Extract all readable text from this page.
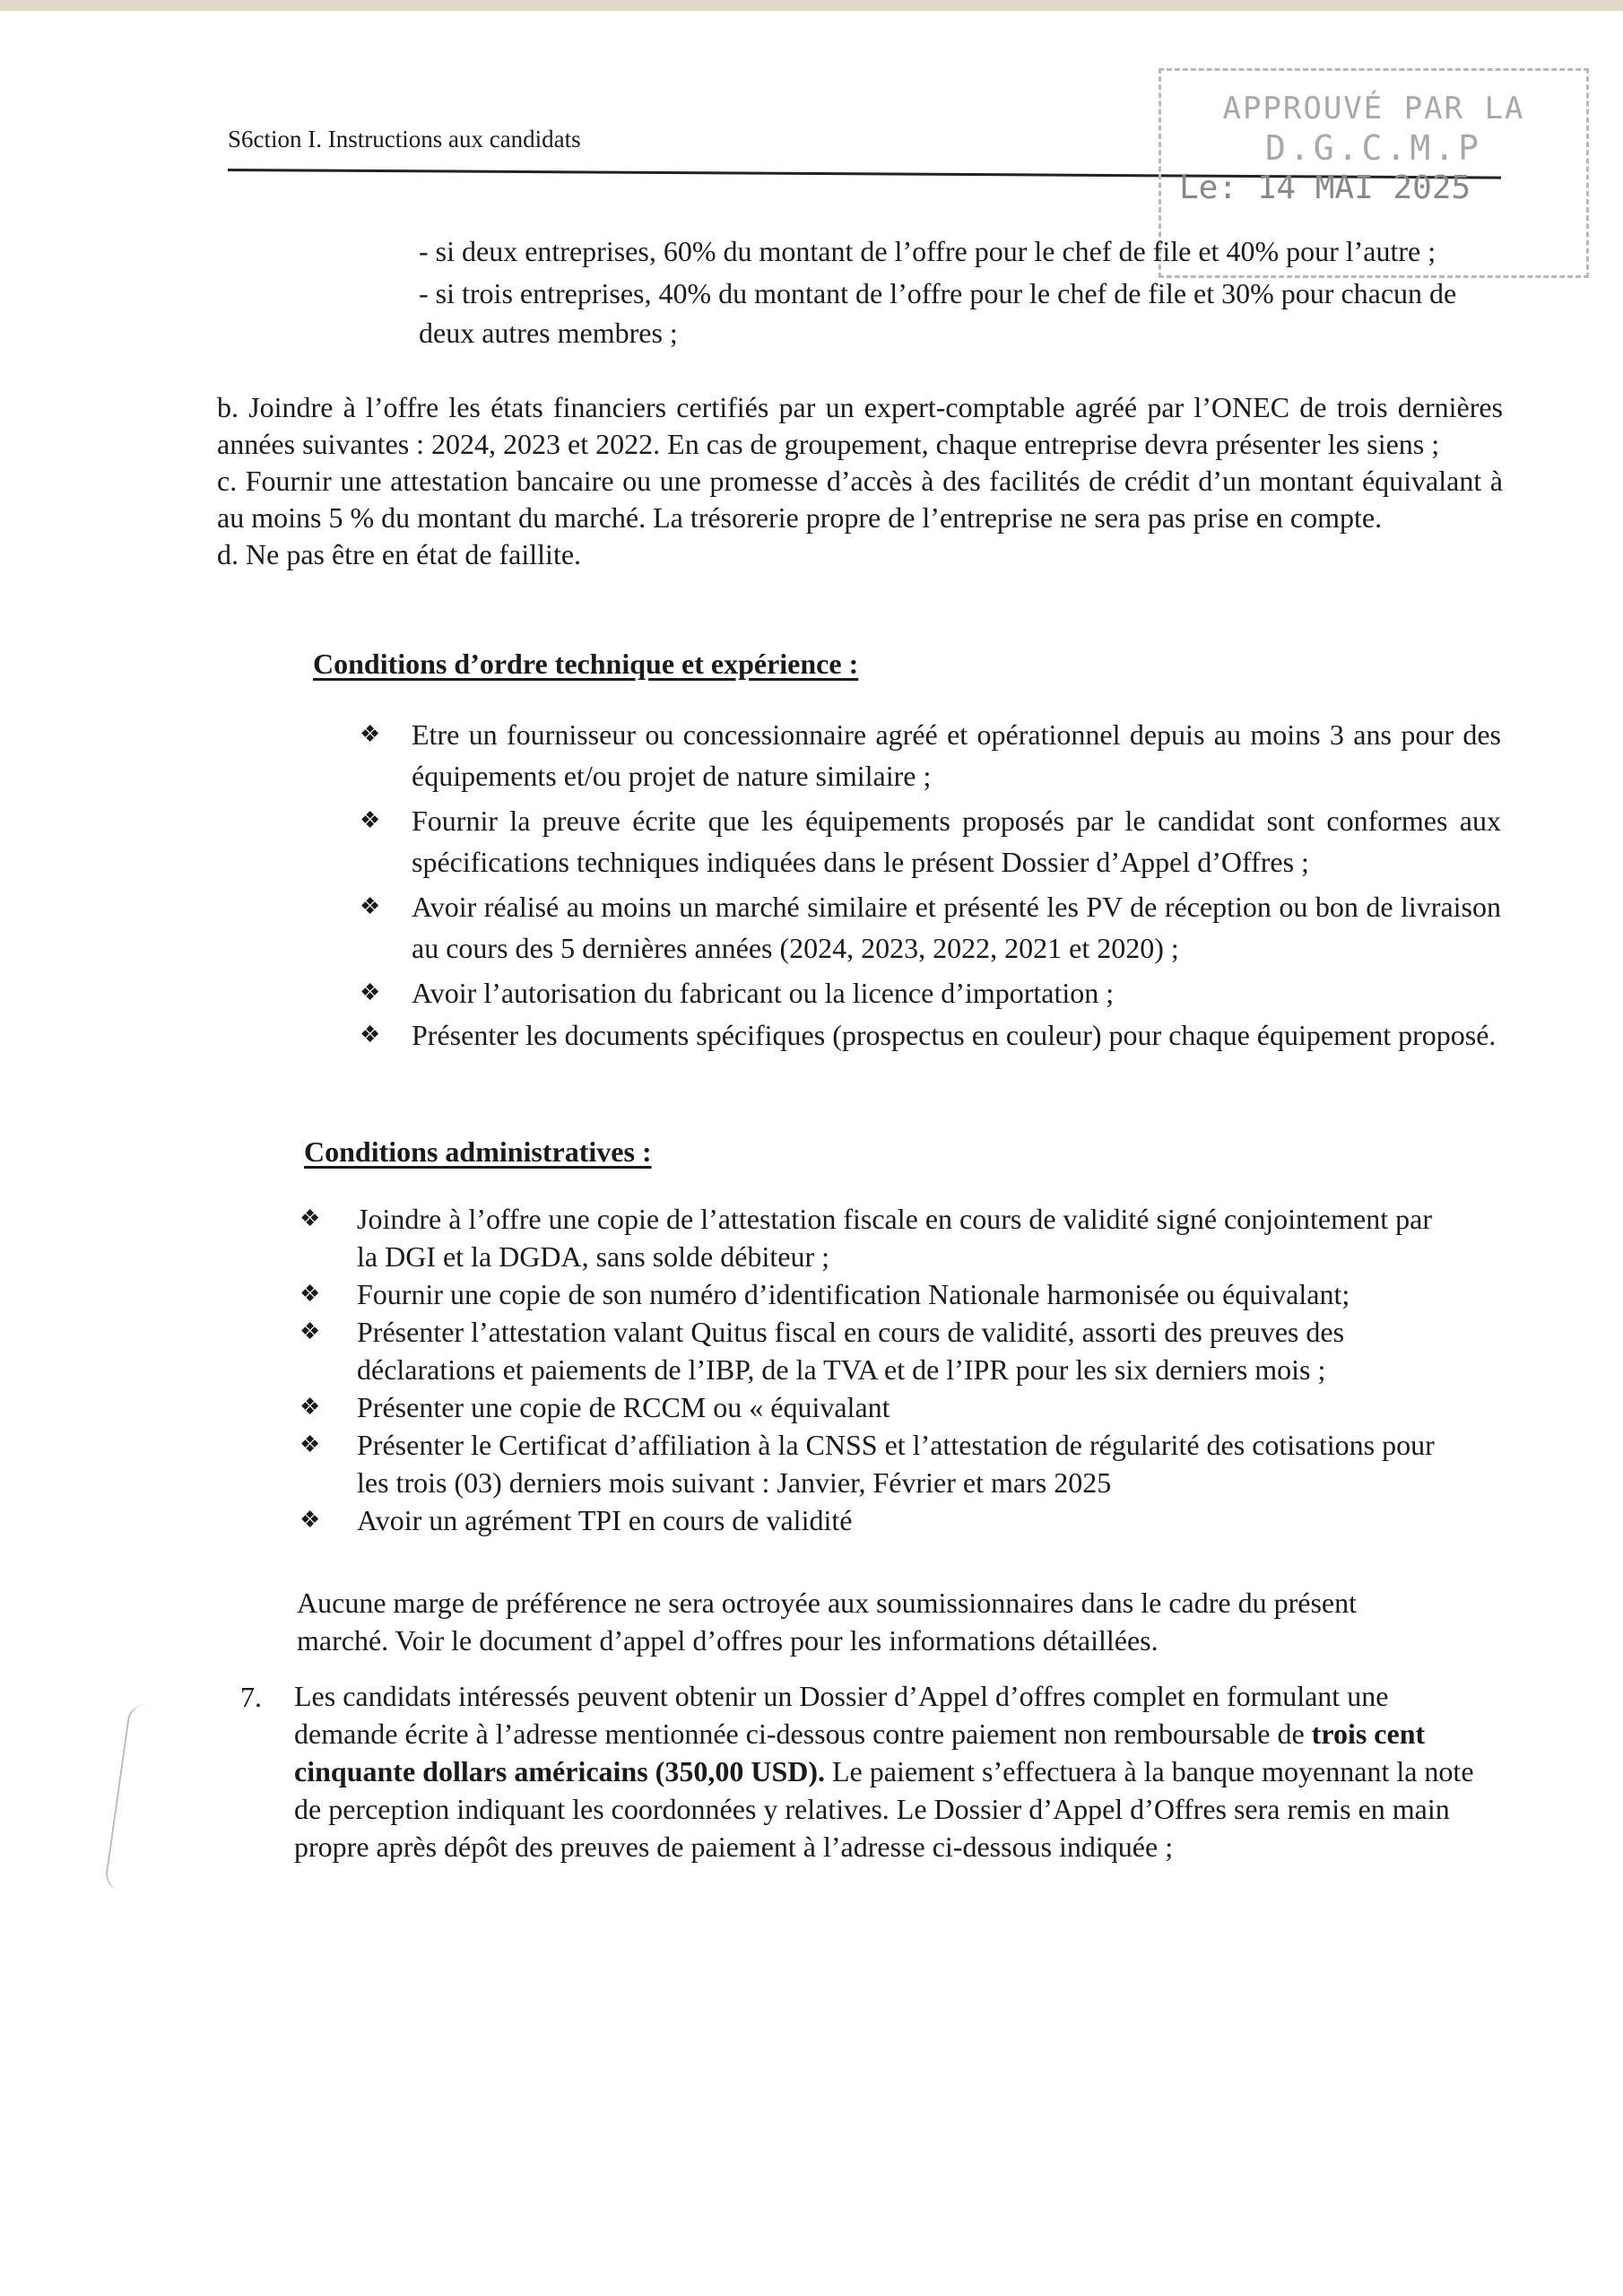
S6ction I. Instructions aux candidats
APPROUVÉ PAR LA
D.G.C.M.P
Le: 14 MAI 2025
- si deux entreprises, 60% du montant de l’offre pour le chef de file et 40% pour l’autre ;
- si trois entreprises, 40% du montant de l’offre pour le chef de file et 30% pour chacun de deux autres membres ;
b. Joindre à l’offre les états financiers certifiés par un expert-comptable agréé par l’ONEC de trois dernières années suivantes : 2024, 2023 et 2022. En cas de groupement, chaque entreprise devra présenter les siens ;
c. Fournir une attestation bancaire ou une promesse d’accès à des facilités de crédit d’un montant équivalant à au moins 5 % du montant du marché. La trésorerie propre de l’entreprise ne sera pas prise en compte.
d. Ne pas être en état de faillite.
Conditions d’ordre technique et expérience :
❖ Etre un fournisseur ou concessionnaire agréé et opérationnel depuis au moins 3 ans pour des équipements et/ou projet de nature similaire ;
❖ Fournir la preuve écrite que les équipements proposés par le candidat sont conformes aux spécifications techniques indiquées dans le présent Dossier d’Appel d’Offres ;
❖ Avoir réalisé au moins un marché similaire et présenté les PV de réception ou bon de livraison au cours des 5 dernières années (2024, 2023, 2022, 2021 et 2020) ;
❖ Avoir l’autorisation du fabricant ou la licence d’importation ;
❖ Présenter les documents spécifiques (prospectus en couleur) pour chaque équipement proposé.
Conditions administratives :
❖ Joindre à l’offre une copie de l’attestation fiscale en cours de validité signé conjointement par la DGI et la DGDA, sans solde débiteur ;
❖ Fournir une copie de son numéro d’identification Nationale harmonisée ou équivalant;
❖ Présenter l’attestation valant Quitus fiscal en cours de validité, assorti des preuves des déclarations et paiements de l’IBP, de la TVA et de l’IPR pour les six derniers mois ;
❖ Présenter une copie de RCCM ou « équivalant
❖ Présenter le Certificat d’affiliation à la CNSS et l’attestation de régularité des cotisations pour les trois (03) derniers mois suivant : Janvier, Février et mars 2025
❖ Avoir un agrément TPI en cours de validité
Aucune marge de préférence ne sera octroyée aux soumissionnaires dans le cadre du présent marché. Voir le document d’appel d’offres pour les informations détaillées.
7. Les candidats intéressés peuvent obtenir un Dossier d’Appel d’offres complet en formulant une demande écrite à l’adresse mentionnée ci-dessous contre paiement non remboursable de trois cent cinquante dollars américains (350,00 USD). Le paiement s’effectuera à la banque moyennant la note de perception indiquant les coordonnées y relatives. Le Dossier d’Appel d’Offres sera remis en main propre après dépôt des preuves de paiement à l’adresse ci-dessous indiquée ;
